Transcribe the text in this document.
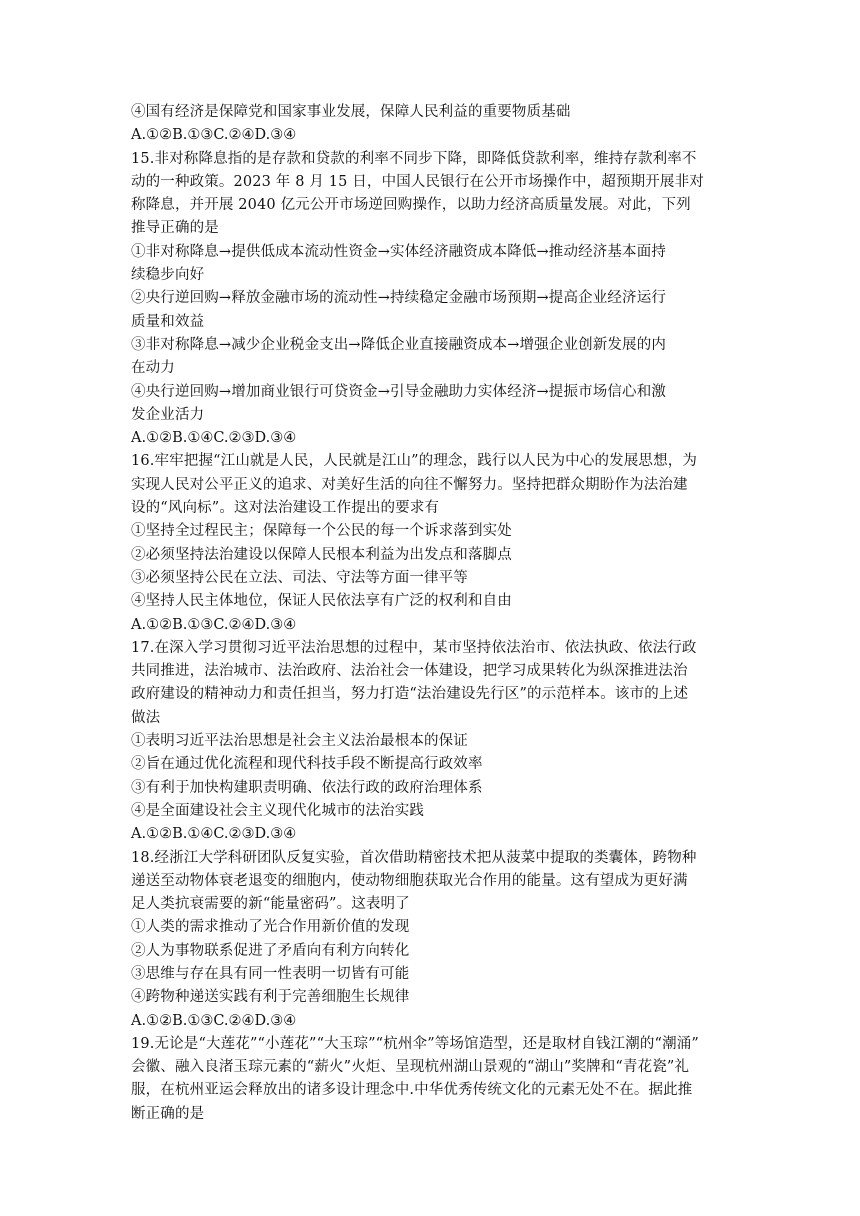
④国有经济是保障党和国家事业发展，保障人民利益的重要物质基础
A.①②B.①③C.②④D.③④
15.非对称降息指的是存款和贷款的利率不同步下降，即降低贷款利率，维持存款利率不
动的一种政策。2023 年 8 月 15 日，中国人民银行在公开市场操作中，超预期开展非对
称降息，并开展 2040 亿元公开市场逆回购操作，以助力经济高质量发展。对此，下列
推导正确的是
①非对称降息→提供低成本流动性资金→实体经济融资成本降低→推动经济基本面持
续稳步向好
②央行逆回购→释放金融市场的流动性→持续稳定金融市场预期→提高企业经济运行
质量和效益
③非对称降息→减少企业税金支出→降低企业直接融资成本→增强企业创新发展的内
在动力
④央行逆回购→增加商业银行可贷资金→引导金融助力实体经济→提振市场信心和激
发企业活力
A.①②B.①④C.②③D.③④
16.牢牢把握“江山就是人民，人民就是江山”的理念，践行以人民为中心的发展思想，为
实现人民对公平正义的追求、对美好生活的向往不懈努力。坚持把群众期盼作为法治建
设的“风向标”。这对法治建设工作提出的要求有
①坚持全过程民主；保障每一个公民的每一个诉求落到实处
②必须坚持法治建设以保障人民根本利益为出发点和落脚点
③必须坚持公民在立法、司法、守法等方面一律平等
④坚持人民主体地位，保证人民依法享有广泛的权利和自由
A.①②B.①③C.②④D.③④
17.在深入学习贯彻习近平法治思想的过程中，某市坚持依法治市、依法执政、依法行政
共同推进，法治城市、法治政府、法治社会一体建设，把学习成果转化为纵深推进法治
政府建设的精神动力和责任担当，努力打造“法治建设先行区”的示范样本。该市的上述
做法
①表明习近平法治思想是社会主义法治最根本的保证
②旨在通过优化流程和现代科技手段不断提高行政效率
③有利于加快构建职责明确、依法行政的政府治理体系
④是全面建设社会主义现代化城市的法治实践
A.①②B.①④C.②③D.③④
18.经浙江大学科研团队反复实验，首次借助精密技术把从菠菜中提取的类囊体，跨物种
递送至动物体衰老退变的细胞内，使动物细胞获取光合作用的能量。这有望成为更好满
足人类抗衰需要的新“能量密码”。这表明了
①人类的需求推动了光合作用新价值的发现
②人为事物联系促进了矛盾向有利方向转化
③思维与存在具有同一性表明一切皆有可能
④跨物种递送实践有利于完善细胞生长规律
A.①②B.①③C.②④D.③④
19.无论是“大莲花”“小莲花”“大玉琮”“杭州伞”等场馆造型，还是取材自钱江潮的“潮涌”
会徽、融入良渚玉琮元素的“薪火”火炬、呈现杭州湖山景观的“湖山”奖牌和“青花瓷”礼
服，在杭州亚运会释放出的诸多设计理念中.中华优秀传统文化的元素无处不在。据此推
断正确的是
